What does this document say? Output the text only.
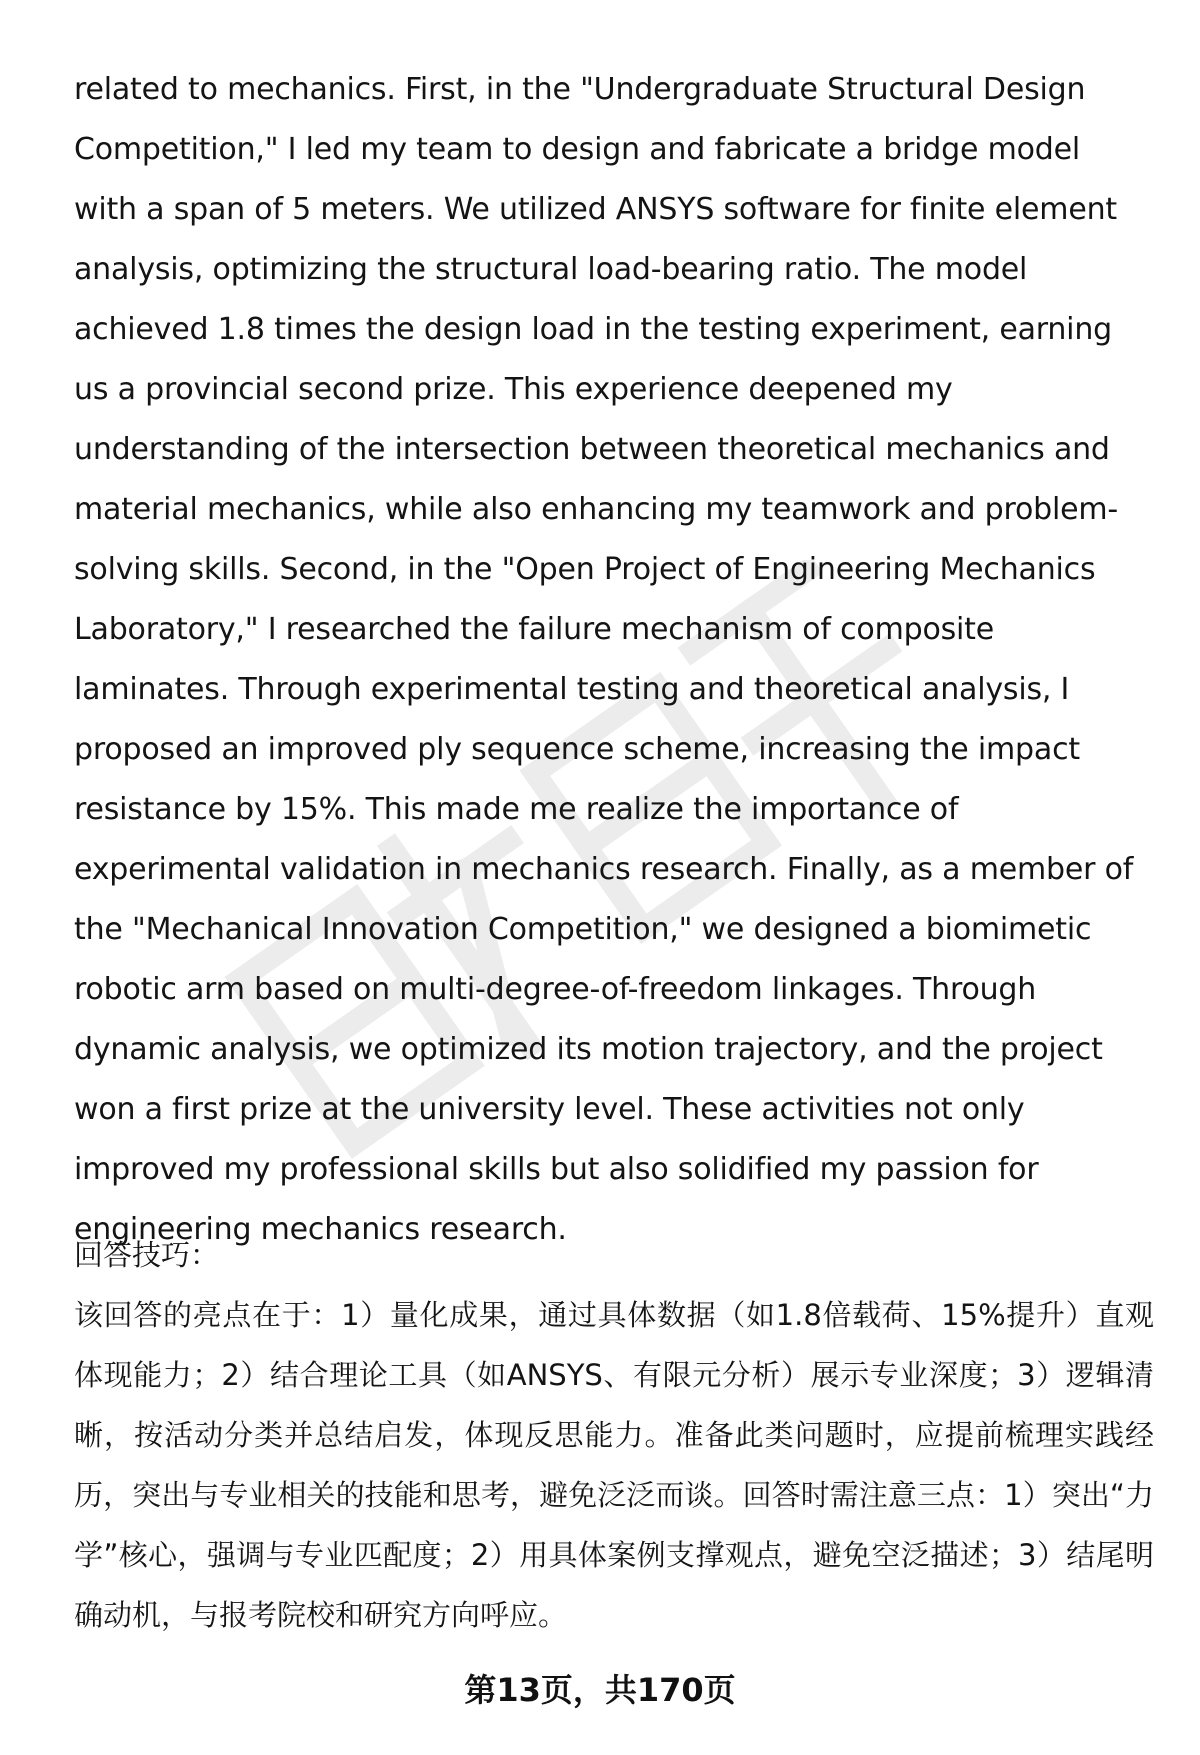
related to mechanics. First, in the "Undergraduate Structural Design Competition," I led my team to design and fabricate a bridge model with a span of 5 meters. We utilized ANSYS software for finite element analysis, optimizing the structural load-bearing ratio. The model achieved 1.8 times the design load in the testing experiment, earning us a provincial second prize. This experience deepened my understanding of the intersection between theoretical mechanics and material mechanics, while also enhancing my teamwork and problem-solving skills. Second, in the "Open Project of Engineering Mechanics Laboratory," I researched the failure mechanism of composite laminates. Through experimental testing and theoretical analysis, I proposed an improved ply sequence scheme, increasing the impact resistance by 15%. This made me realize the importance of experimental validation in mechanics research. Finally, as a member of the "Mechanical Innovation Competition," we designed a biomimetic robotic arm based on multi-degree-of-freedom linkages. Through dynamic analysis, we optimized its motion trajectory, and the project won a first prize at the university level. These activities not only improved my professional skills but also solidified my passion for engineering mechanics research.

回答技巧：

该回答的亮点在于：1）量化成果，通过具体数据（如1.8倍载荷、15%提升）直观体现能力；2）结合理论工具（如ANSYS、有限元分析）展示专业深度；3）逻辑清晰，按活动分类并总结启发，体现反思能力。准备此类问题时，应提前梳理实践经历，突出与专业相关的技能和思考，避免泛泛而谈。回答时需注意三点：1）突出“力学”核心，强调与专业匹配度；2）用具体案例支撑观点，避免空泛描述；3）结尾明确动机，与报考院校和研究方向呼应。

第13页，共170页
